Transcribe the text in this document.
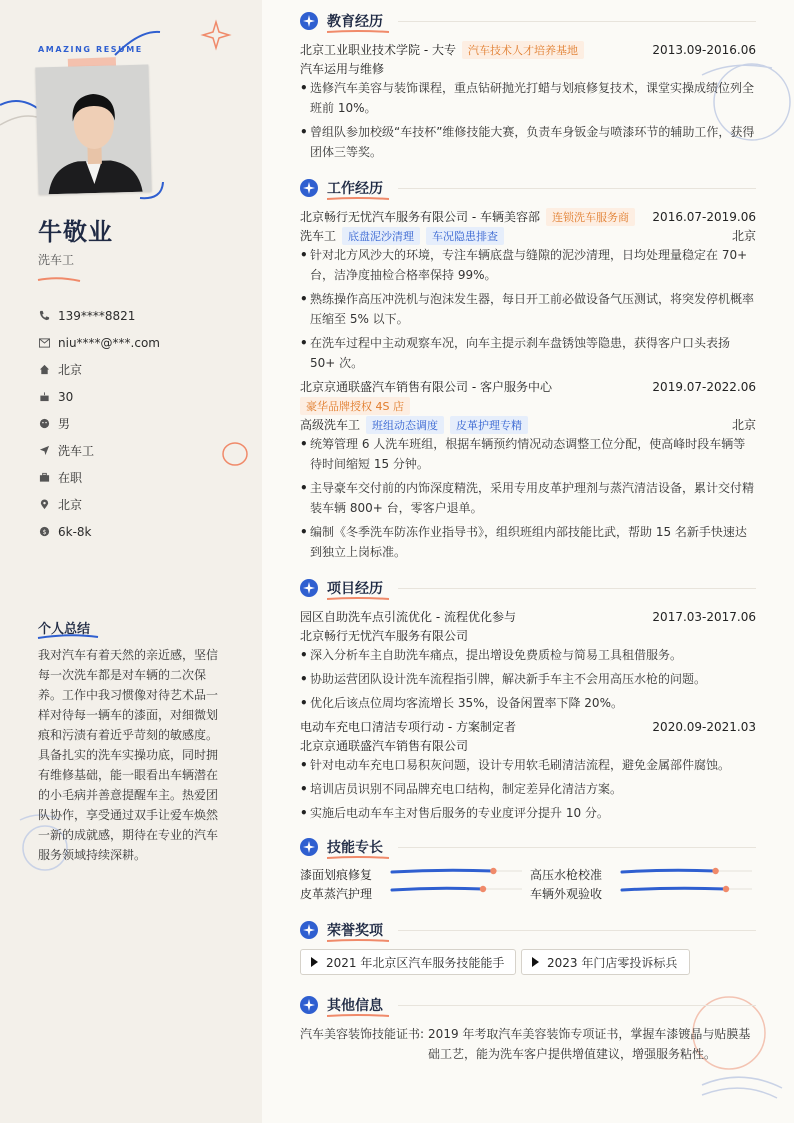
AMAZING RESUME
牛敬业
洗车工
139****8821
niu****@***.com
北京
30
男
洗车工
在职
北京
$ 6k-8k
个人总结
我对汽车有着天然的亲近感，坚信每一次洗车都是对车辆的二次保养。工作中我习惯像对待艺术品一样对待每一辆车的漆面，对细微划痕和污渍有着近乎苛刻的敏感度。具备扎实的洗车实操功底，同时拥有维修基础，能一眼看出车辆潜在的小毛病并善意提醒车主。热爱团队协作，享受通过双手让爱车焕然一新的成就感，期待在专业的汽车服务领域持续深耕。
教育经历
北京工业职业技术学院 - 大专	汽车技术人才培养基地	2013.09-2016.06
汽车运用与维修
• 选修汽车美容与装饰课程，重点钻研抛光打蜡与划痕修复技术，课堂实操成绩位列全班前 10%。
• 曾组队参加校级“车技杯”维修技能大赛，负责车身钣金与喷漆环节的辅助工作，获得团体三等奖。
工作经历
北京畅行无忧汽车服务有限公司 - 车辆美容部	连锁洗车服务商	2016.07-2019.06
洗车工	底盘泥沙清理	车况隐患排查	北京
• 针对北方风沙大的环境，专注车辆底盘与缝隙的泥沙清理，日均处理量稳定在 70+ 台，洁净度抽检合格率保持 99%。
• 熟练操作高压冲洗机与泡沫发生器，每日开工前必做设备气压测试，将突发停机概率压缩至 5% 以下。
• 在洗车过程中主动观察车况，向车主提示刹车盘锈蚀等隐患，获得客户口头表扬 50+ 次。
北京京通联盛汽车销售有限公司 - 客户服务中心	2019.07-2022.06
豪华品牌授权 4S 店
高级洗车工	班组动态调度	皮革护理专精	北京
• 统筹管理 6 人洗车班组，根据车辆预约情况动态调整工位分配，使高峰时段车辆等待时间缩短 15 分钟。
• 主导豪车交付前的内饰深度精洗，采用专用皮革护理剂与蒸汽清洁设备，累计交付精装车辆 800+ 台，零客户退单。
• 编制《冬季洗车防冻作业指导书》，组织班组内部技能比武，帮助 15 名新手快速达到独立上岗标准。
项目经历
园区自助洗车点引流优化 - 流程优化参与	2017.03-2017.06
北京畅行无忧汽车服务有限公司
• 深入分析车主自助洗车痛点，提出增设免费质检与简易工具租借服务。
• 协助运营团队设计洗车流程指引牌，解决新手车主不会用高压水枪的问题。
• 优化后该点位周均客流增长 35%，设备闲置率下降 20%。
电动车充电口清洁专项行动 - 方案制定者	2020.09-2021.03
北京京通联盛汽车销售有限公司
• 针对电动车充电口易积灰问题，设计专用软毛刷清洁流程，避免金属部件腐蚀。
• 培训店员识别不同品牌充电口结构，制定差异化清洁方案。
• 实施后电动车车主对售后服务的专业度评分提升 10 分。
技能专长
漆面划痕修复	高压水枪校准
皮革蒸汽护理	车辆外观验收
荣誉奖项
2021 年北京区汽车服务技能能手	2023 年门店零投诉标兵
其他信息
汽车美容装饰技能证书: 2019 年考取汽车美容装饰专项证书，掌握车漆镀晶与贴膜基础工艺，能为洗车客户提供增值建议，增强服务粘性。
